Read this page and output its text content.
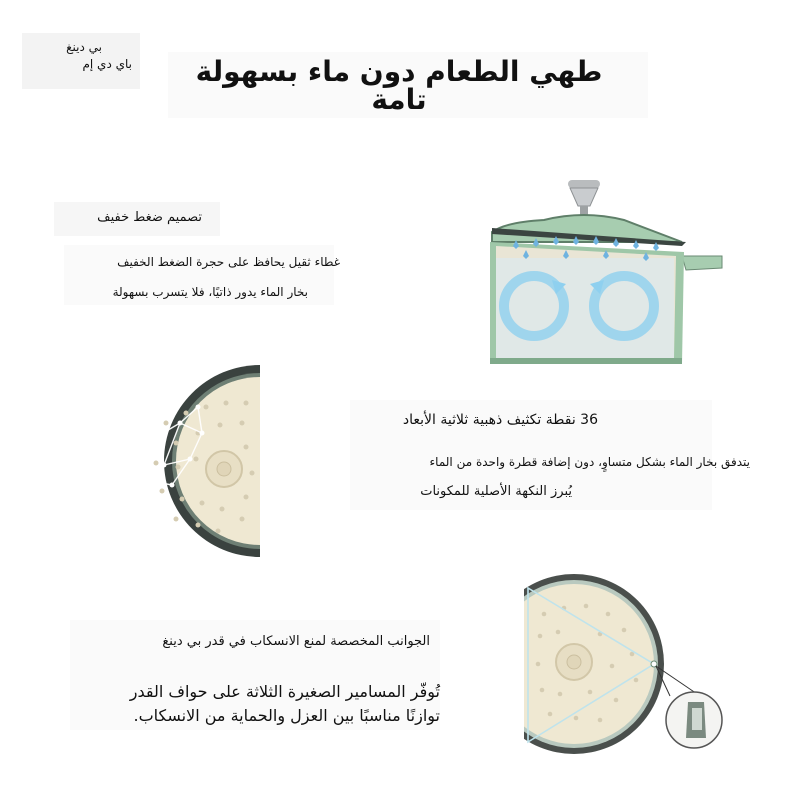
بي دينغ
باي دي إم	طهي الطعام دون ماء بسهولة تامة
تصميم ضغط خفيف
غطاء ثقيل يحافظ على حجرة الضغط الخفيف
بخار الماء يدور ذاتيًا، فلا يتسرب بسهولة
36 نقطة تكثيف ذهبية ثلاثية الأبعاد
يتدفق بخار الماء بشكل متساوٍ، دون إضافة قطرة واحدة من الماء
يُبرز النكهة الأصلية للمكونات
الجوانب المخصصة لمنع الانسكاب في قدر بي دينغ
تُوفّر المسامير الصغيرة الثلاثة على حواف القدر
توازنًا مناسبًا بين العزل والحماية من الانسكاب.
